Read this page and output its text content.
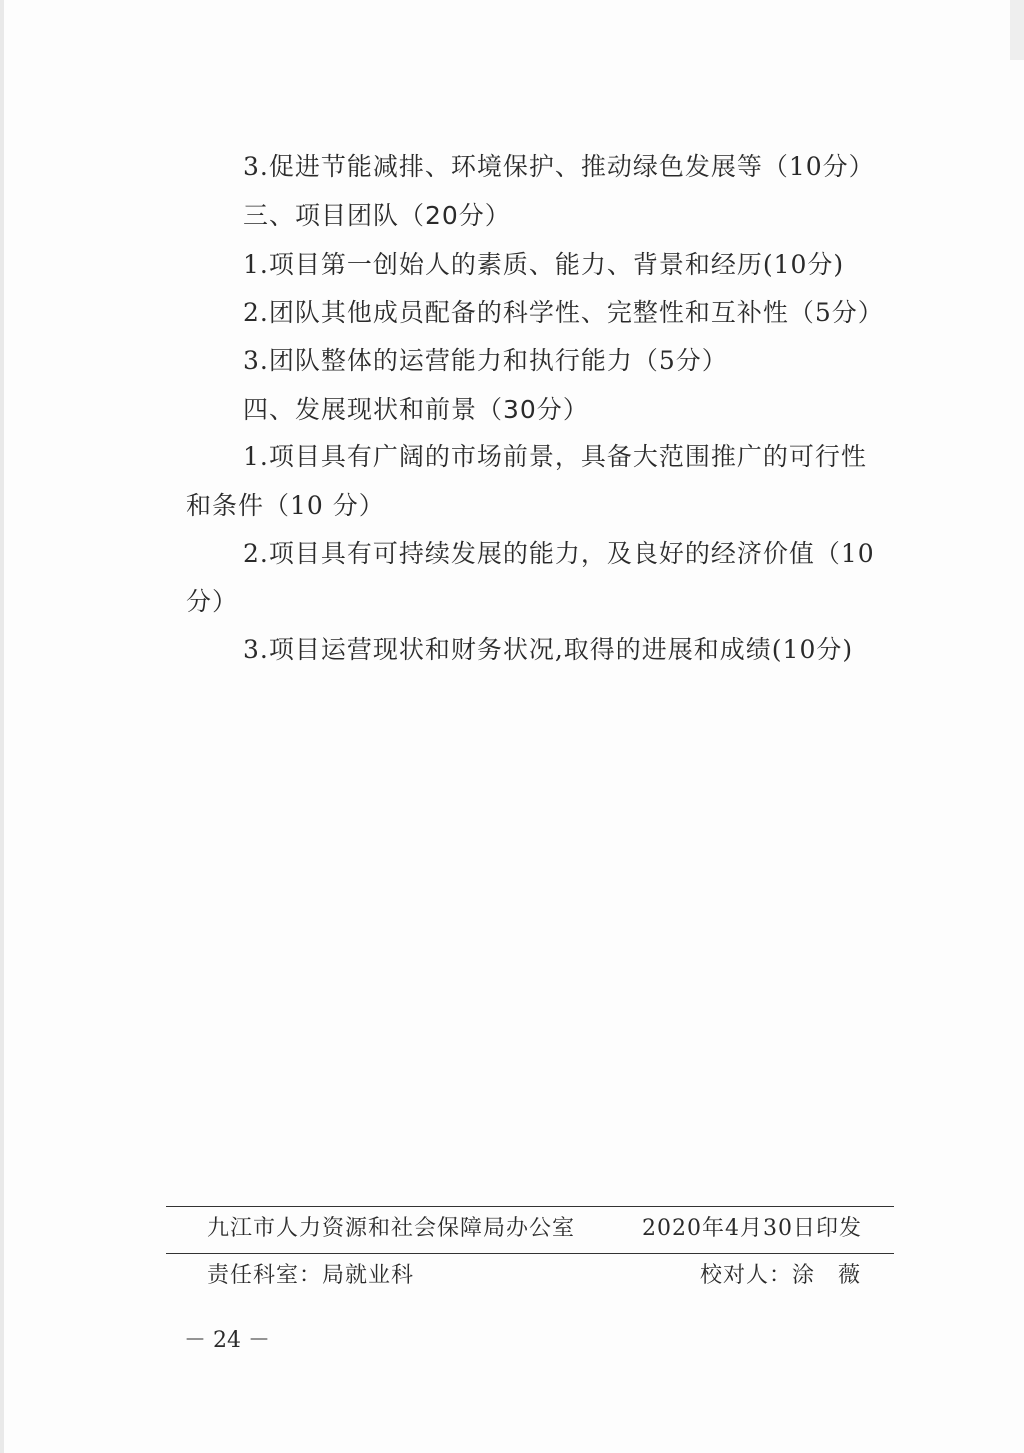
3.促进节能减排、环境保护、推动绿色发展等（10分）
三、项目团队（20分）
1.项目第一创始人的素质、能力、背景和经历(10分)
2.团队其他成员配备的科学性、完整性和互补性（5分）
3.团队整体的运营能力和执行能力（5分）
四、发展现状和前景（30分）
1.项目具有广阔的市场前景，具备大范围推广的可行性
和条件（10 分）
2.项目具有可持续发展的能力，及良好的经济价值（10
分）
3.项目运营现状和财务状况,取得的进展和成绩(10分)
九江市人力资源和社会保障局办公室	2020年4月30日印发
责任科室：局就业科	校对人：涂　薇
－ 24 －
